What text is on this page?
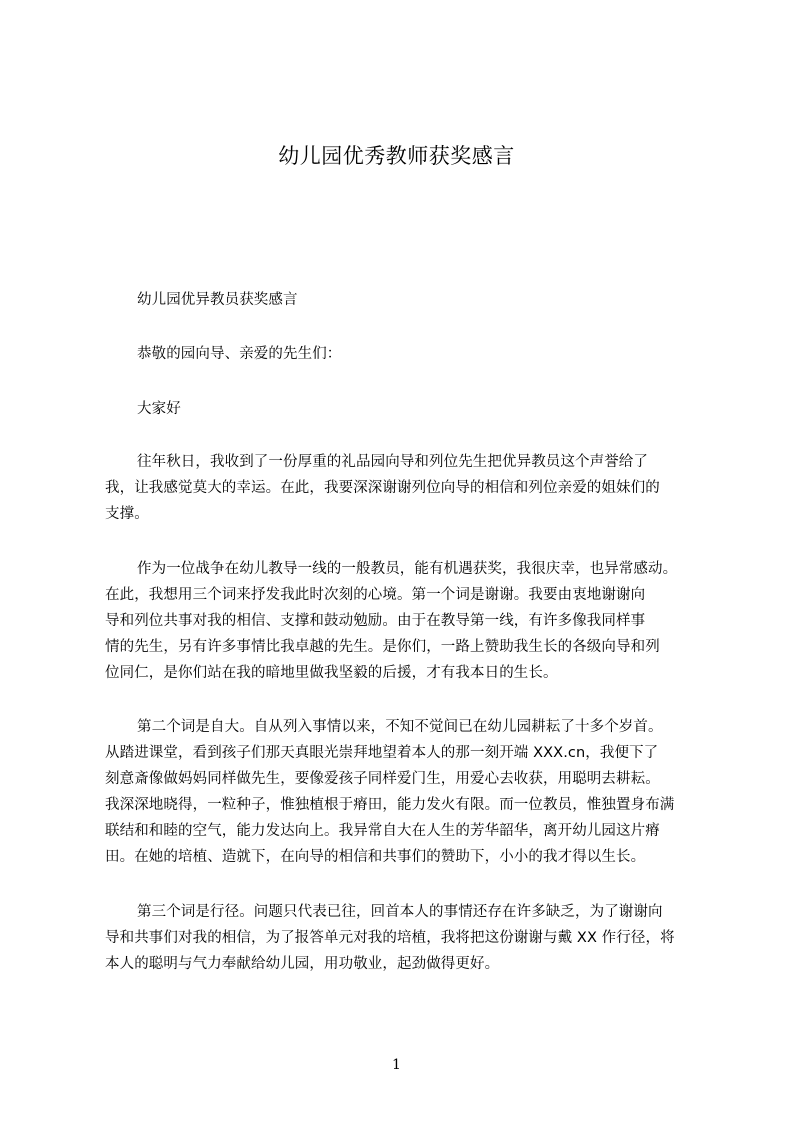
幼儿园优秀教师获奖感言
幼儿园优异教员获奖感言
恭敬的园向导、亲爱的先生们：
大家好
往年秋日，我收到了一份厚重的礼品园向导和列位先生把优异教员这个声誉给了
我，让我感觉莫大的幸运。在此，我要深深谢谢列位向导的相信和列位亲爱的姐妹们的
支撑。
作为一位战争在幼儿教导一线的一般教员，能有机遇获奖，我很庆幸，也异常感动。
在此，我想用三个词来抒发我此时次刻的心境。第一个词是谢谢。我要由衷地谢谢向
导和列位共事对我的相信、支撑和鼓动勉励。由于在教导第一线，有许多像我同样事
情的先生，另有许多事情比我卓越的先生。是你们，一路上赞助我生长的各级向导和列
位同仁，是你们站在我的暗地里做我坚毅的后援，才有我本日的生长。
第二个词是自大。自从列入事情以来，不知不觉间已在幼儿园耕耘了十多个岁首。
从踏进课堂，看到孩子们那天真眼光崇拜地望着本人的那一刻开端 XXX.cn，我便下了
刻意斎像做妈妈同样做先生，要像爱孩子同样爱门生，用爱心去收获，用聪明去耕耘。
我深深地晓得，一粒种子，惟独植根于瘠田，能力发火有限。而一位教员，惟独置身布满
联结和和睦的空气，能力发达向上。我异常自大在人生的芳华韶华，离开幼儿园这片瘠
田。在她的培植、造就下，在向导的相信和共事们的赞助下，小小的我才得以生长。
第三个词是行径。问题只代表已往，回首本人的事情还存在许多缺乏，为了谢谢向
导和共事们对我的相信，为了报答单元对我的培植，我将把这份谢谢与戴 XX 作行径，将
本人的聪明与气力奉献给幼儿园，用功敬业，起劲做得更好。
1
